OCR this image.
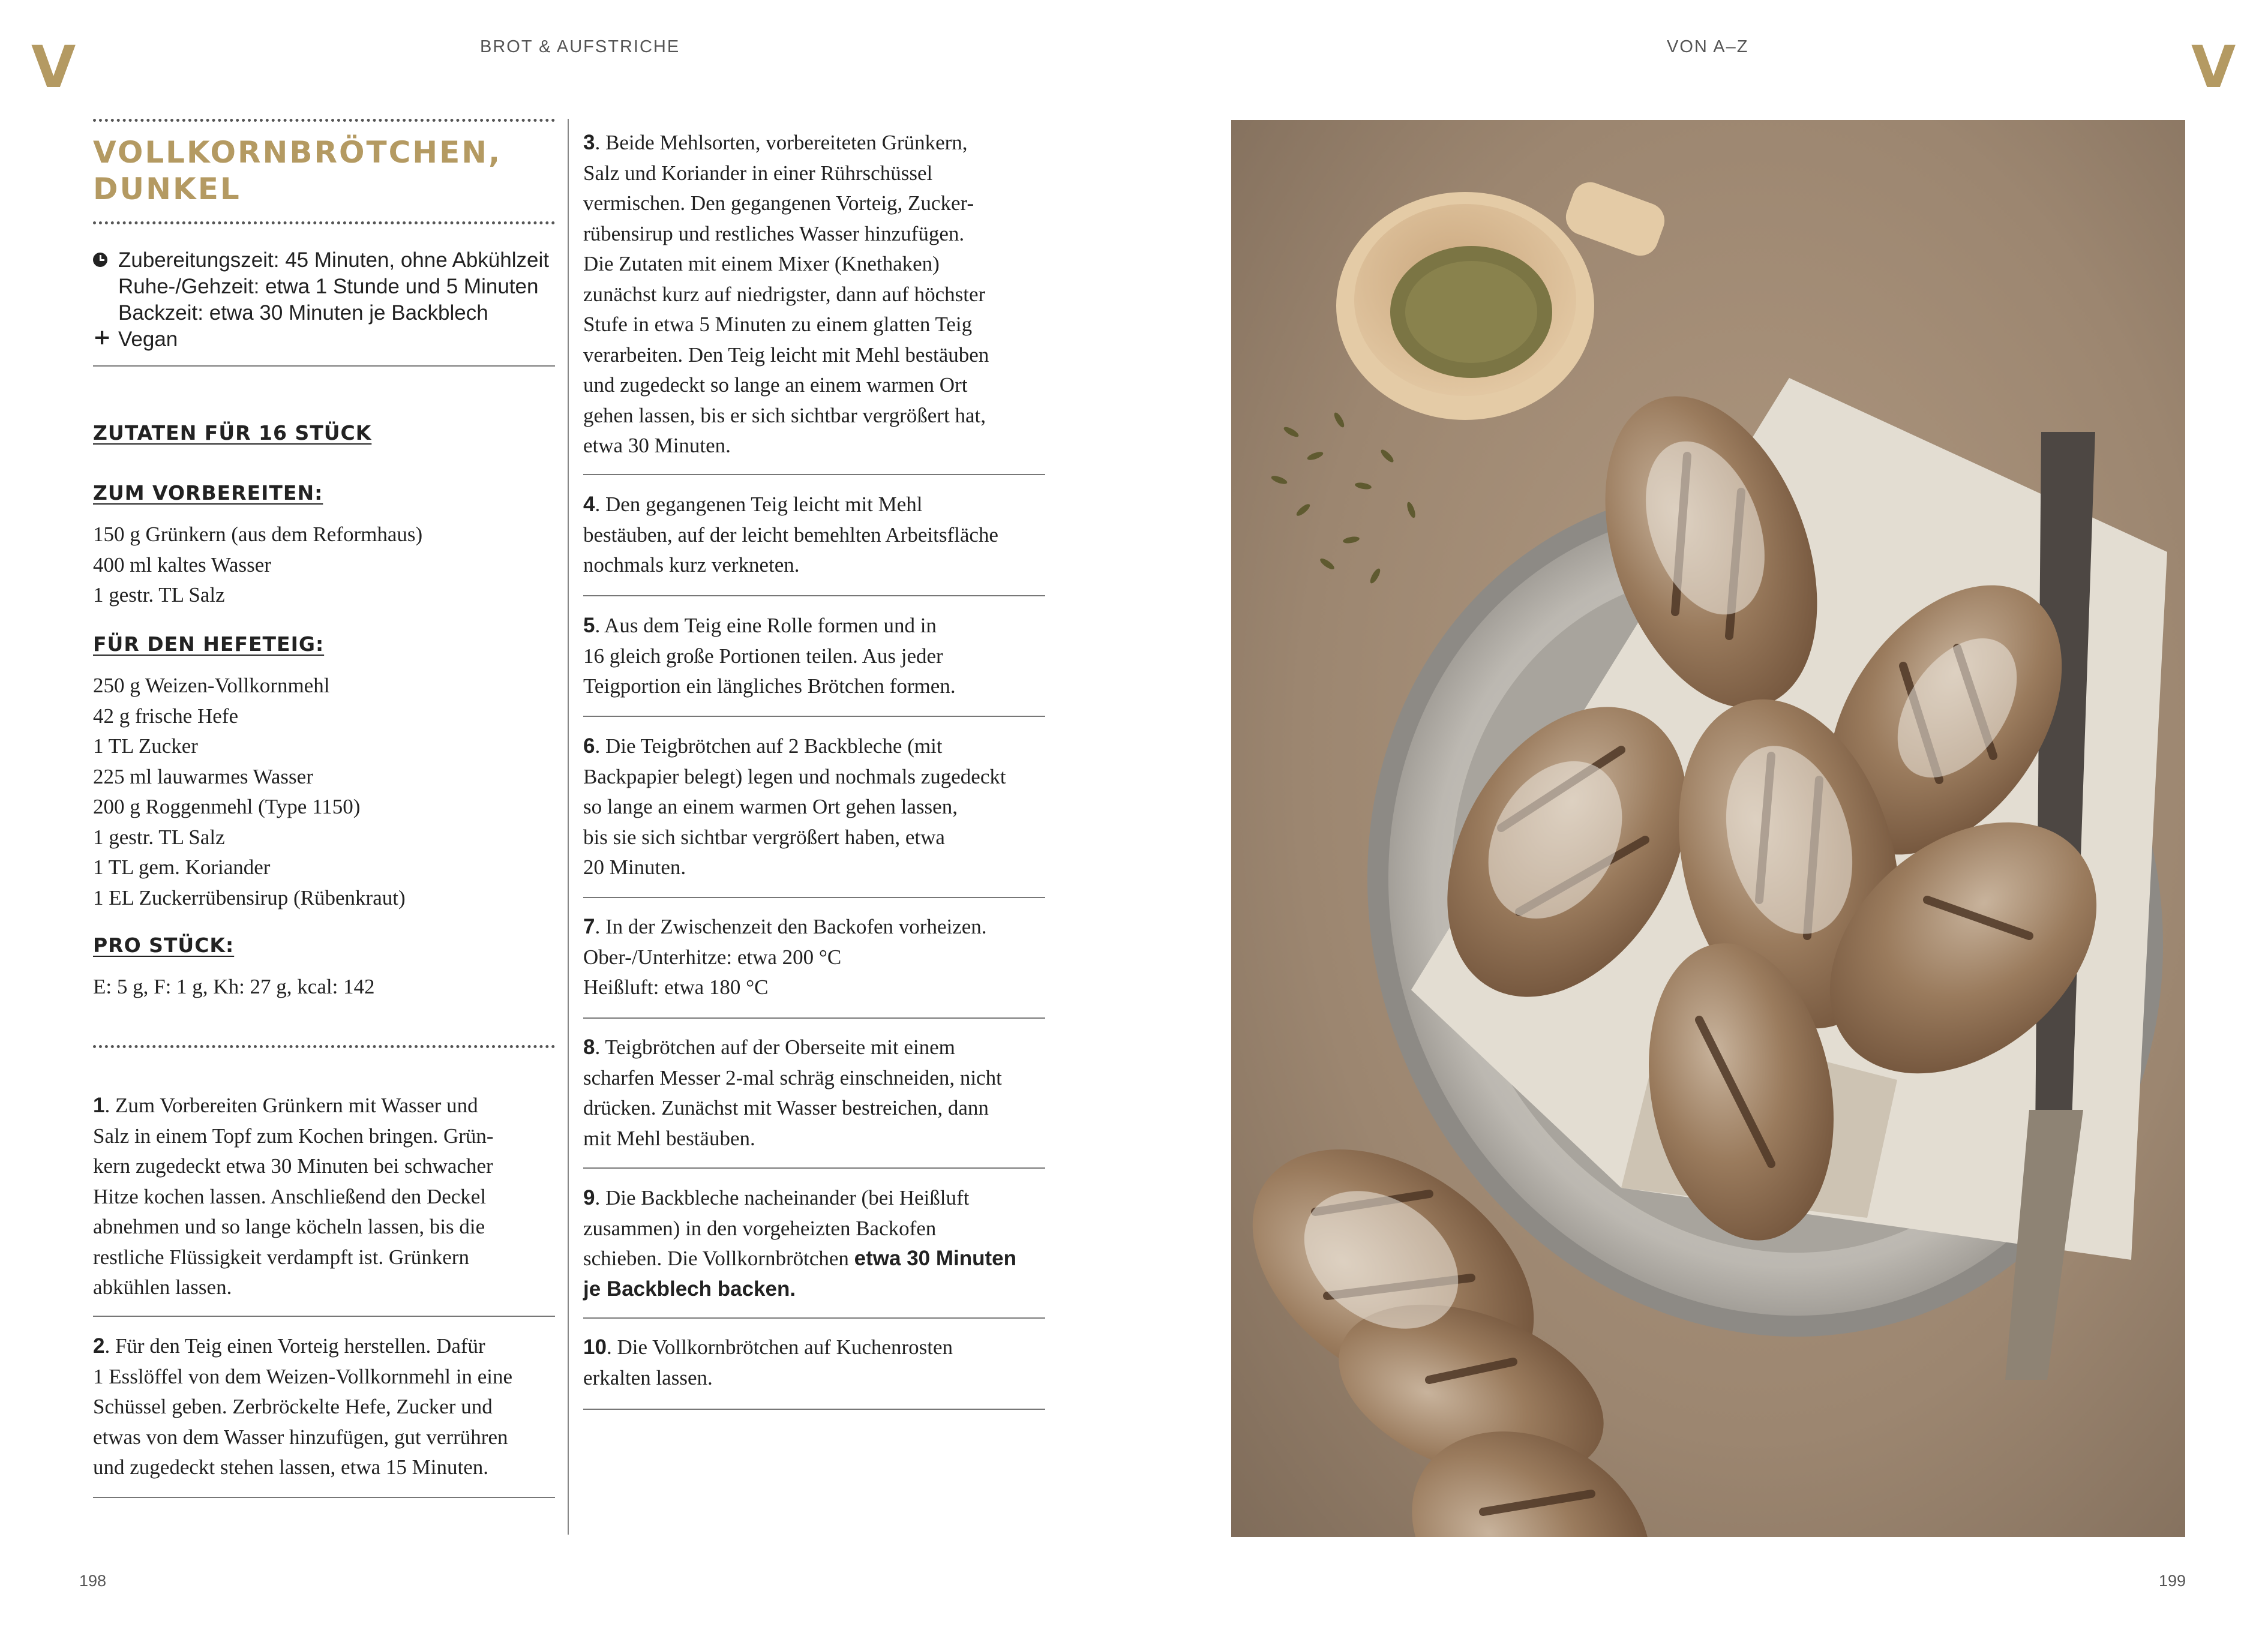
V	BROT & AUFSTRICHE	VON A–Z	V
VOLLKORNBRÖTCHEN,
DUNKEL
Zubereitungszeit: 45 Minuten, ohne Abkühlzeit
Ruhe-/Gehzeit: etwa 1 Stunde und 5 Minuten
Backzeit: etwa 30 Minuten je Backblech
+ Vegan
ZUTATEN FÜR 16 STÜCK
ZUM VORBEREITEN:
150 g Grünkern (aus dem Reformhaus)
400 ml kaltes Wasser
1 gestr. TL Salz
FÜR DEN HEFETEIG:
250 g Weizen-Vollkornmehl
42 g frische Hefe
1 TL Zucker
225 ml lauwarmes Wasser
200 g Roggenmehl (Type 1150)
1 gestr. TL Salz
1 TL gem. Koriander
1 EL Zuckerrübensirup (Rübenkraut)
PRO STÜCK:
E: 5 g, F: 1 g, Kh: 27 g, kcal: 142
1. Zum Vorbereiten Grünkern mit Wasser und
Salz in einem Topf zum Kochen bringen. Grün-
kern zugedeckt etwa 30 Minuten bei schwacher
Hitze kochen lassen. Anschließend den Deckel
abnehmen und so lange köcheln lassen, bis die
restliche Flüssigkeit verdampft ist. Grünkern
abkühlen lassen.
2. Für den Teig einen Vorteig herstellen. Dafür
1 Esslöffel von dem Weizen-Vollkornmehl in eine
Schüssel geben. Zerbröckelte Hefe, Zucker und
etwas von dem Wasser hinzufügen, gut verrühren
und zugedeckt stehen lassen, etwa 15 Minuten.
3. Beide Mehlsorten, vorbereiteten Grünkern,
Salz und Koriander in einer Rührschüssel
vermischen. Den gegangenen Vorteig, Zucker-
rübensirup und restliches Wasser hinzufügen.
Die Zutaten mit einem Mixer (Knethaken)
zunächst kurz auf niedrigster, dann auf höchster
Stufe in etwa 5 Minuten zu einem glatten Teig
verarbeiten. Den Teig leicht mit Mehl bestäuben
und zugedeckt so lange an einem warmen Ort
gehen lassen, bis er sich sichtbar vergrößert hat,
etwa 30 Minuten.
4. Den gegangenen Teig leicht mit Mehl
bestäuben, auf der leicht bemehlten Arbeitsfläche
nochmals kurz verkneten.
5. Aus dem Teig eine Rolle formen und in
16 gleich große Portionen teilen. Aus jeder
Teigportion ein längliches Brötchen formen.
6. Die Teigbrötchen auf 2 Backbleche (mit
Backpapier belegt) legen und nochmals zugedeckt
so lange an einem warmen Ort gehen lassen,
bis sie sich sichtbar vergrößert haben, etwa
20 Minuten.
7. In der Zwischenzeit den Backofen vorheizen.
Ober-/Unterhitze: etwa 200 °C
Heißluft: etwa 180 °C
8. Teigbrötchen auf der Oberseite mit einem
scharfen Messer 2-mal schräg einschneiden, nicht
drücken. Zunächst mit Wasser bestreichen, dann
mit Mehl bestäuben.
9. Die Backbleche nacheinander (bei Heißluft
zusammen) in den vorgeheizten Backofen
schieben. Die Vollkornbrötchen etwa 30 Minuten
je Backblech backen.
10. Die Vollkornbrötchen auf Kuchenrosten
erkalten lassen.
198	199
